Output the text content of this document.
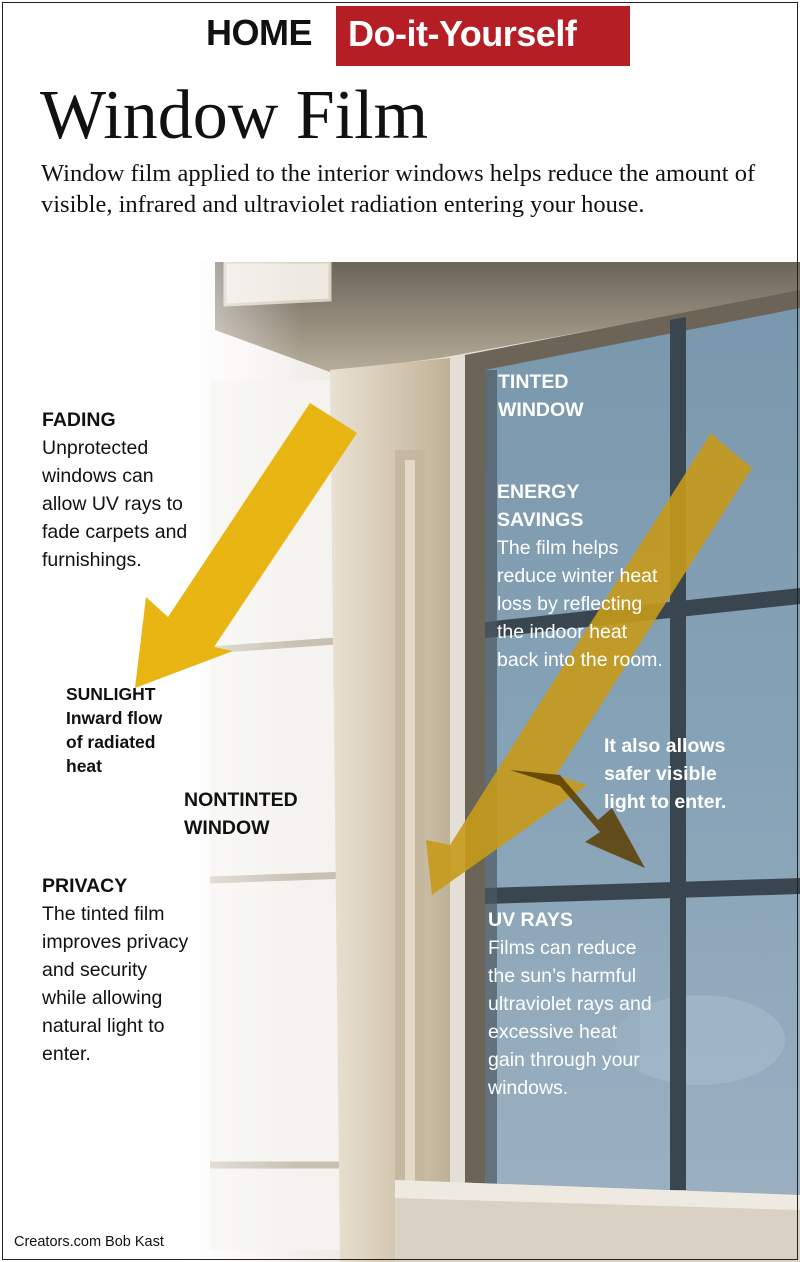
HOME	Do-it-Yourself
Window Film
Window film applied to the interior windows helps reduce the amount of visible, infrared and ultraviolet radiation entering your house.
FADING
Unprotected
windows can
allow UV rays to
fade carpets and
furnishings.
SUNLIGHT
Inward flow
of radiated
heat
NONTINTED
WINDOW
PRIVACY
The tinted film
improves privacy
and security
while allowing
natural light to
enter.
TINTED
WINDOW
ENERGY
SAVINGS
The film helps
reduce winter heat
loss by reflecting
the indoor heat
back into the room.
It also allows
safer visible
light to enter.
UV RAYS
Films can reduce
the sun’s harmful
ultraviolet rays and
excessive heat
gain through your
windows.
Creators.com Bob Kast
